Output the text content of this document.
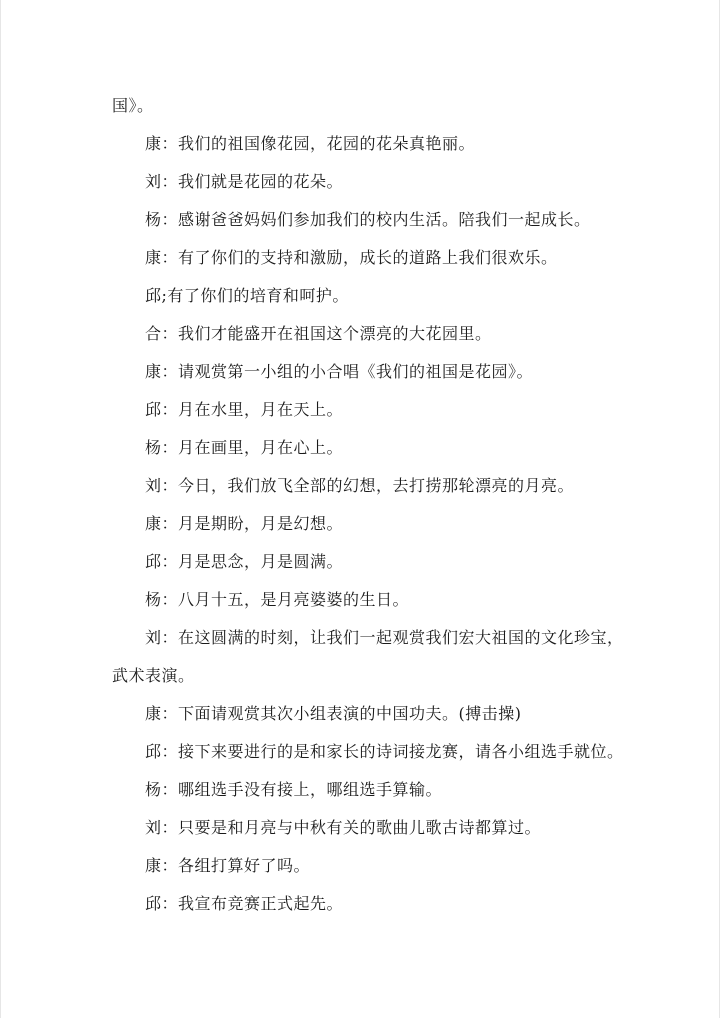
国》。
康：我们的祖国像花园，花园的花朵真艳丽。
刘：我们就是花园的花朵。
杨：感谢爸爸妈妈们参加我们的校内生活。陪我们一起成长。
康：有了你们的支持和激励，成长的道路上我们很欢乐。
邱;有了你们的培育和呵护。
合：我们才能盛开在祖国这个漂亮的大花园里。
康：请观赏第一小组的小合唱《我们的祖国是花园》。
邱：月在水里，月在天上。
杨：月在画里，月在心上。
刘：今日，我们放飞全部的幻想，去打捞那轮漂亮的月亮。
康：月是期盼，月是幻想。
邱：月是思念，月是圆满。
杨：八月十五，是月亮婆婆的生日。
刘：在这圆满的时刻，让我们一起观赏我们宏大祖国的文化珍宝，
武术表演。
康：下面请观赏其次小组表演的中国功夫。(搏击操)
邱：接下来要进行的是和家长的诗词接龙赛，请各小组选手就位。
杨：哪组选手没有接上，哪组选手算输。
刘：只要是和月亮与中秋有关的歌曲儿歌古诗都算过。
康：各组打算好了吗。
邱：我宣布竞赛正式起先。
